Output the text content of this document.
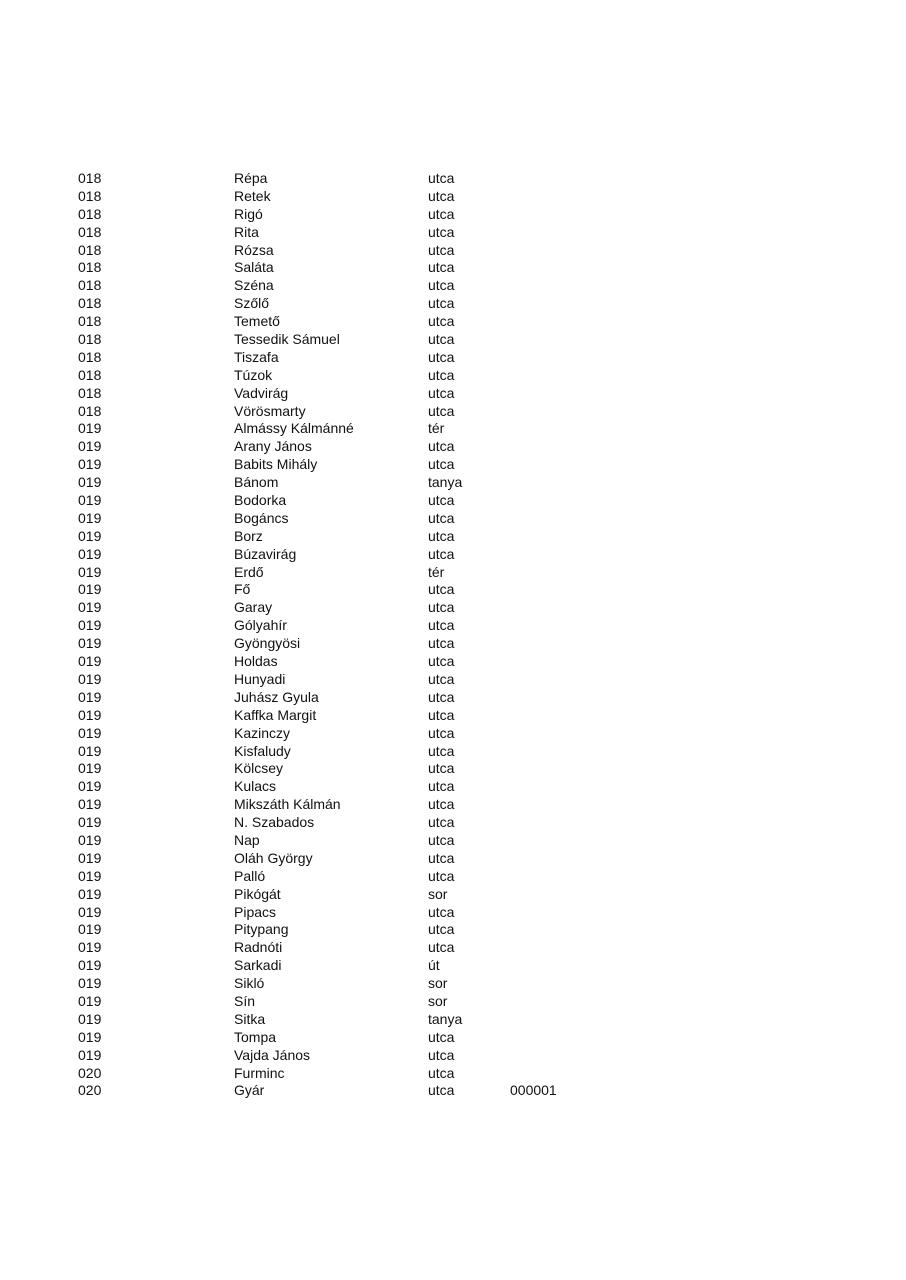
018	Répa	utca
018	Retek	utca
018	Rigó	utca
018	Rita	utca
018	Rózsa	utca
018	Saláta	utca
018	Széna	utca
018	Szőlő	utca
018	Temető	utca
018	Tessedik Sámuel	utca
018	Tiszafa	utca
018	Túzok	utca
018	Vadvirág	utca
018	Vörösmarty	utca
019	Almássy Kálmánné	tér
019	Arany János	utca
019	Babits Mihály	utca
019	Bánom	tanya
019	Bodorka	utca
019	Bogáncs	utca
019	Borz	utca
019	Búzavirág	utca
019	Erdő	tér
019	Fő	utca
019	Garay	utca
019	Gólyahír	utca
019	Gyöngyösi	utca
019	Holdas	utca
019	Hunyadi	utca
019	Juhász Gyula	utca
019	Kaffka Margit	utca
019	Kazinczy	utca
019	Kisfaludy	utca
019	Kölcsey	utca
019	Kulacs	utca
019	Mikszáth Kálmán	utca
019	N. Szabados	utca
019	Nap	utca
019	Oláh György	utca
019	Palló	utca
019	Pikógát	sor
019	Pipacs	utca
019	Pitypang	utca
019	Radnóti	utca
019	Sarkadi	út
019	Sikló	sor
019	Sín	sor
019	Sitka	tanya
019	Tompa	utca
019	Vajda János	utca
020	Furminc	utca
020	Gyár	utca	000001
